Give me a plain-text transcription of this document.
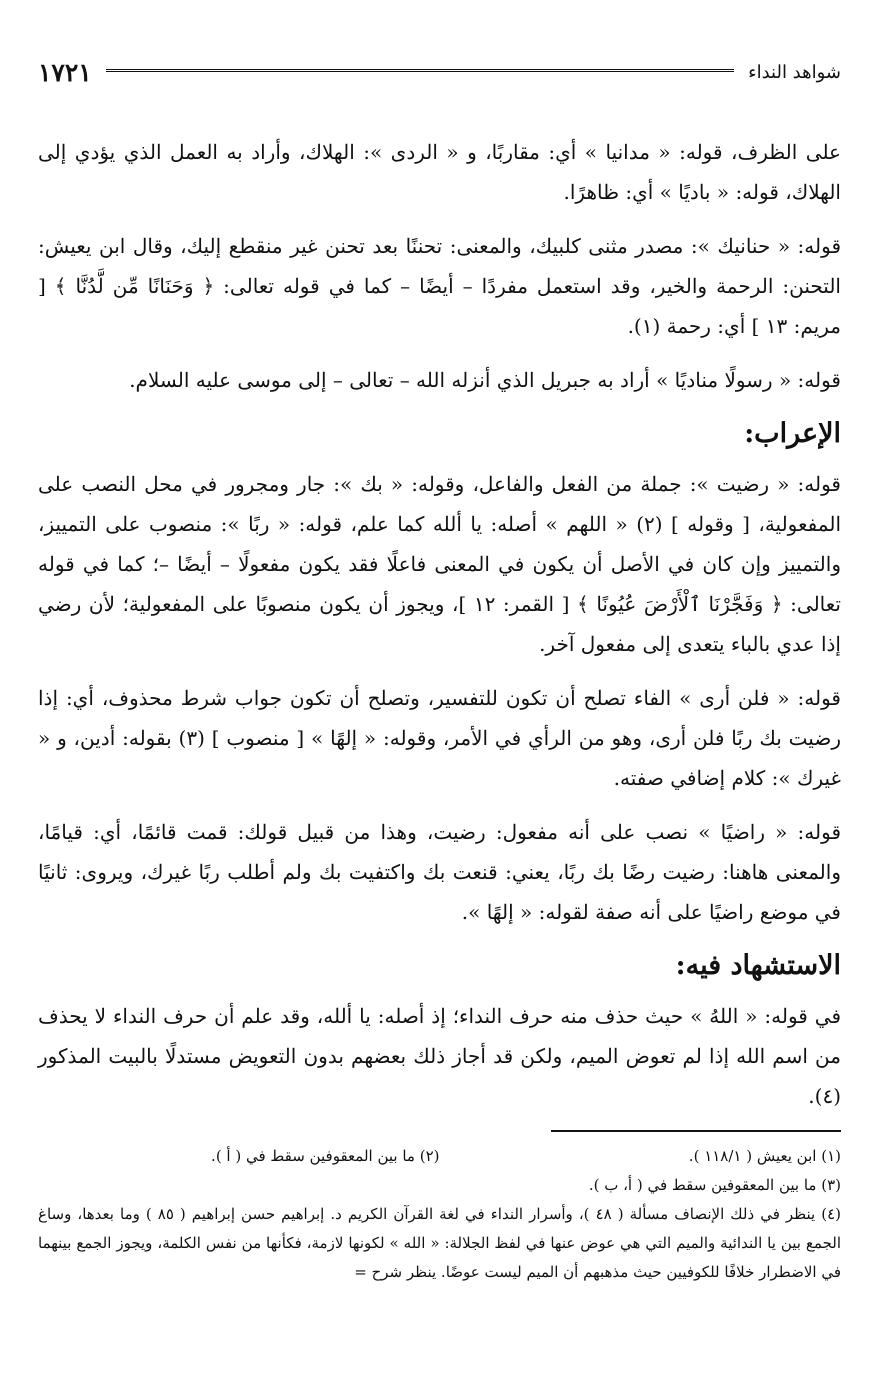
شواهد النداء
١٧٢١

على الظرف، قوله: « مدانيا » أي: مقاربًا، و « الردى »: الهلاك، وأراد به العمل الذي يؤدي إلى الهلاك، قوله: « باديًا » أي: ظاهرًا.

قوله: « حنانيك »: مصدر مثنى كلبيك، والمعنى: تحننًا بعد تحنن غير منقطع إليك، وقال ابن يعيش: التحنن: الرحمة والخير، وقد استعمل مفردًا – أيضًا – كما في قوله تعالى: ﴿ وَحَنَانًا مِّن لَّدُنَّا ﴾ [ مريم: ١٣ ] أي: رحمة (١).

قوله: « رسولًا مناديًا » أراد به جبريل الذي أنزله الله – تعالى – إلى موسى عليه السلام.

الإعراب:

قوله: « رضيت »: جملة من الفعل والفاعل، وقوله: « بك »: جار ومجرور في محل النصب على المفعولية، [ وقوله ] (٢) « اللهم » أصله: يا ألله كما علم، قوله: « ربًا »: منصوب على التمييز، والتمييز وإن كان في الأصل أن يكون في المعنى فاعلًا فقد يكون مفعولًا – أيضًا –؛ كما في قوله تعالى: ﴿ وَفَجَّرْنَا ٱلْأَرْضَ عُيُونًا ﴾ [ القمر: ١٢ ]، ويجوز أن يكون منصوبًا على المفعولية؛ لأن رضي إذا عدي بالباء يتعدى إلى مفعول آخر.

قوله: « فلن أرى » الفاء تصلح أن تكون للتفسير، وتصلح أن تكون جواب شرط محذوف، أي: إذا رضيت بك ربًا فلن أرى، وهو من الرأي في الأمر، وقوله: « إلهًا » [ منصوب ] (٣) بقوله: أدين، و « غيرك »: كلام إضافي صفته.

قوله: « راضيًا » نصب على أنه مفعول: رضيت، وهذا من قبيل قولك: قمت قائمًا، أي: قيامًا، والمعنى هاهنا: رضيت رضًا بك ربًا، يعني: قنعت بك واكتفيت بك ولم أطلب ربًا غيرك، ويروى: ثانيًا في موضع راضيًا على أنه صفة لقوله: « إلهًا ».

الاستشهاد فيه:

في قوله: « اللهُ » حيث حذف منه حرف النداء؛ إذ أصله: يا ألله، وقد علم أن حرف النداء لا يحذف من اسم الله إذا لم تعوض الميم، ولكن قد أجاز ذلك بعضهم بدون التعويض مستدلًا بالبيت المذكور (٤).

(١) ابن يعيش ( ١١٨/١ ).
(٢) ما بين المعقوفين سقط في ( أ ).
(٣) ما بين المعقوفين سقط في ( أ، ب ).
(٤) ينظر في ذلك الإنصاف مسألة ( ٤٨ )، وأسرار النداء في لغة القرآن الكريم د. إبراهيم حسن إبراهيم ( ٨٥ ) وما بعدها، وساغ الجمع بين يا الندائية والميم التي هي عوض عنها في لفظ الجلالة: « الله » لكونها لازمة، فكأنها من نفس الكلمة، ويجوز الجمع بينهما في الاضطرار خلافًا للكوفيين حيث مذهبهم أن الميم ليست عوضًا. ينظر شرح =
